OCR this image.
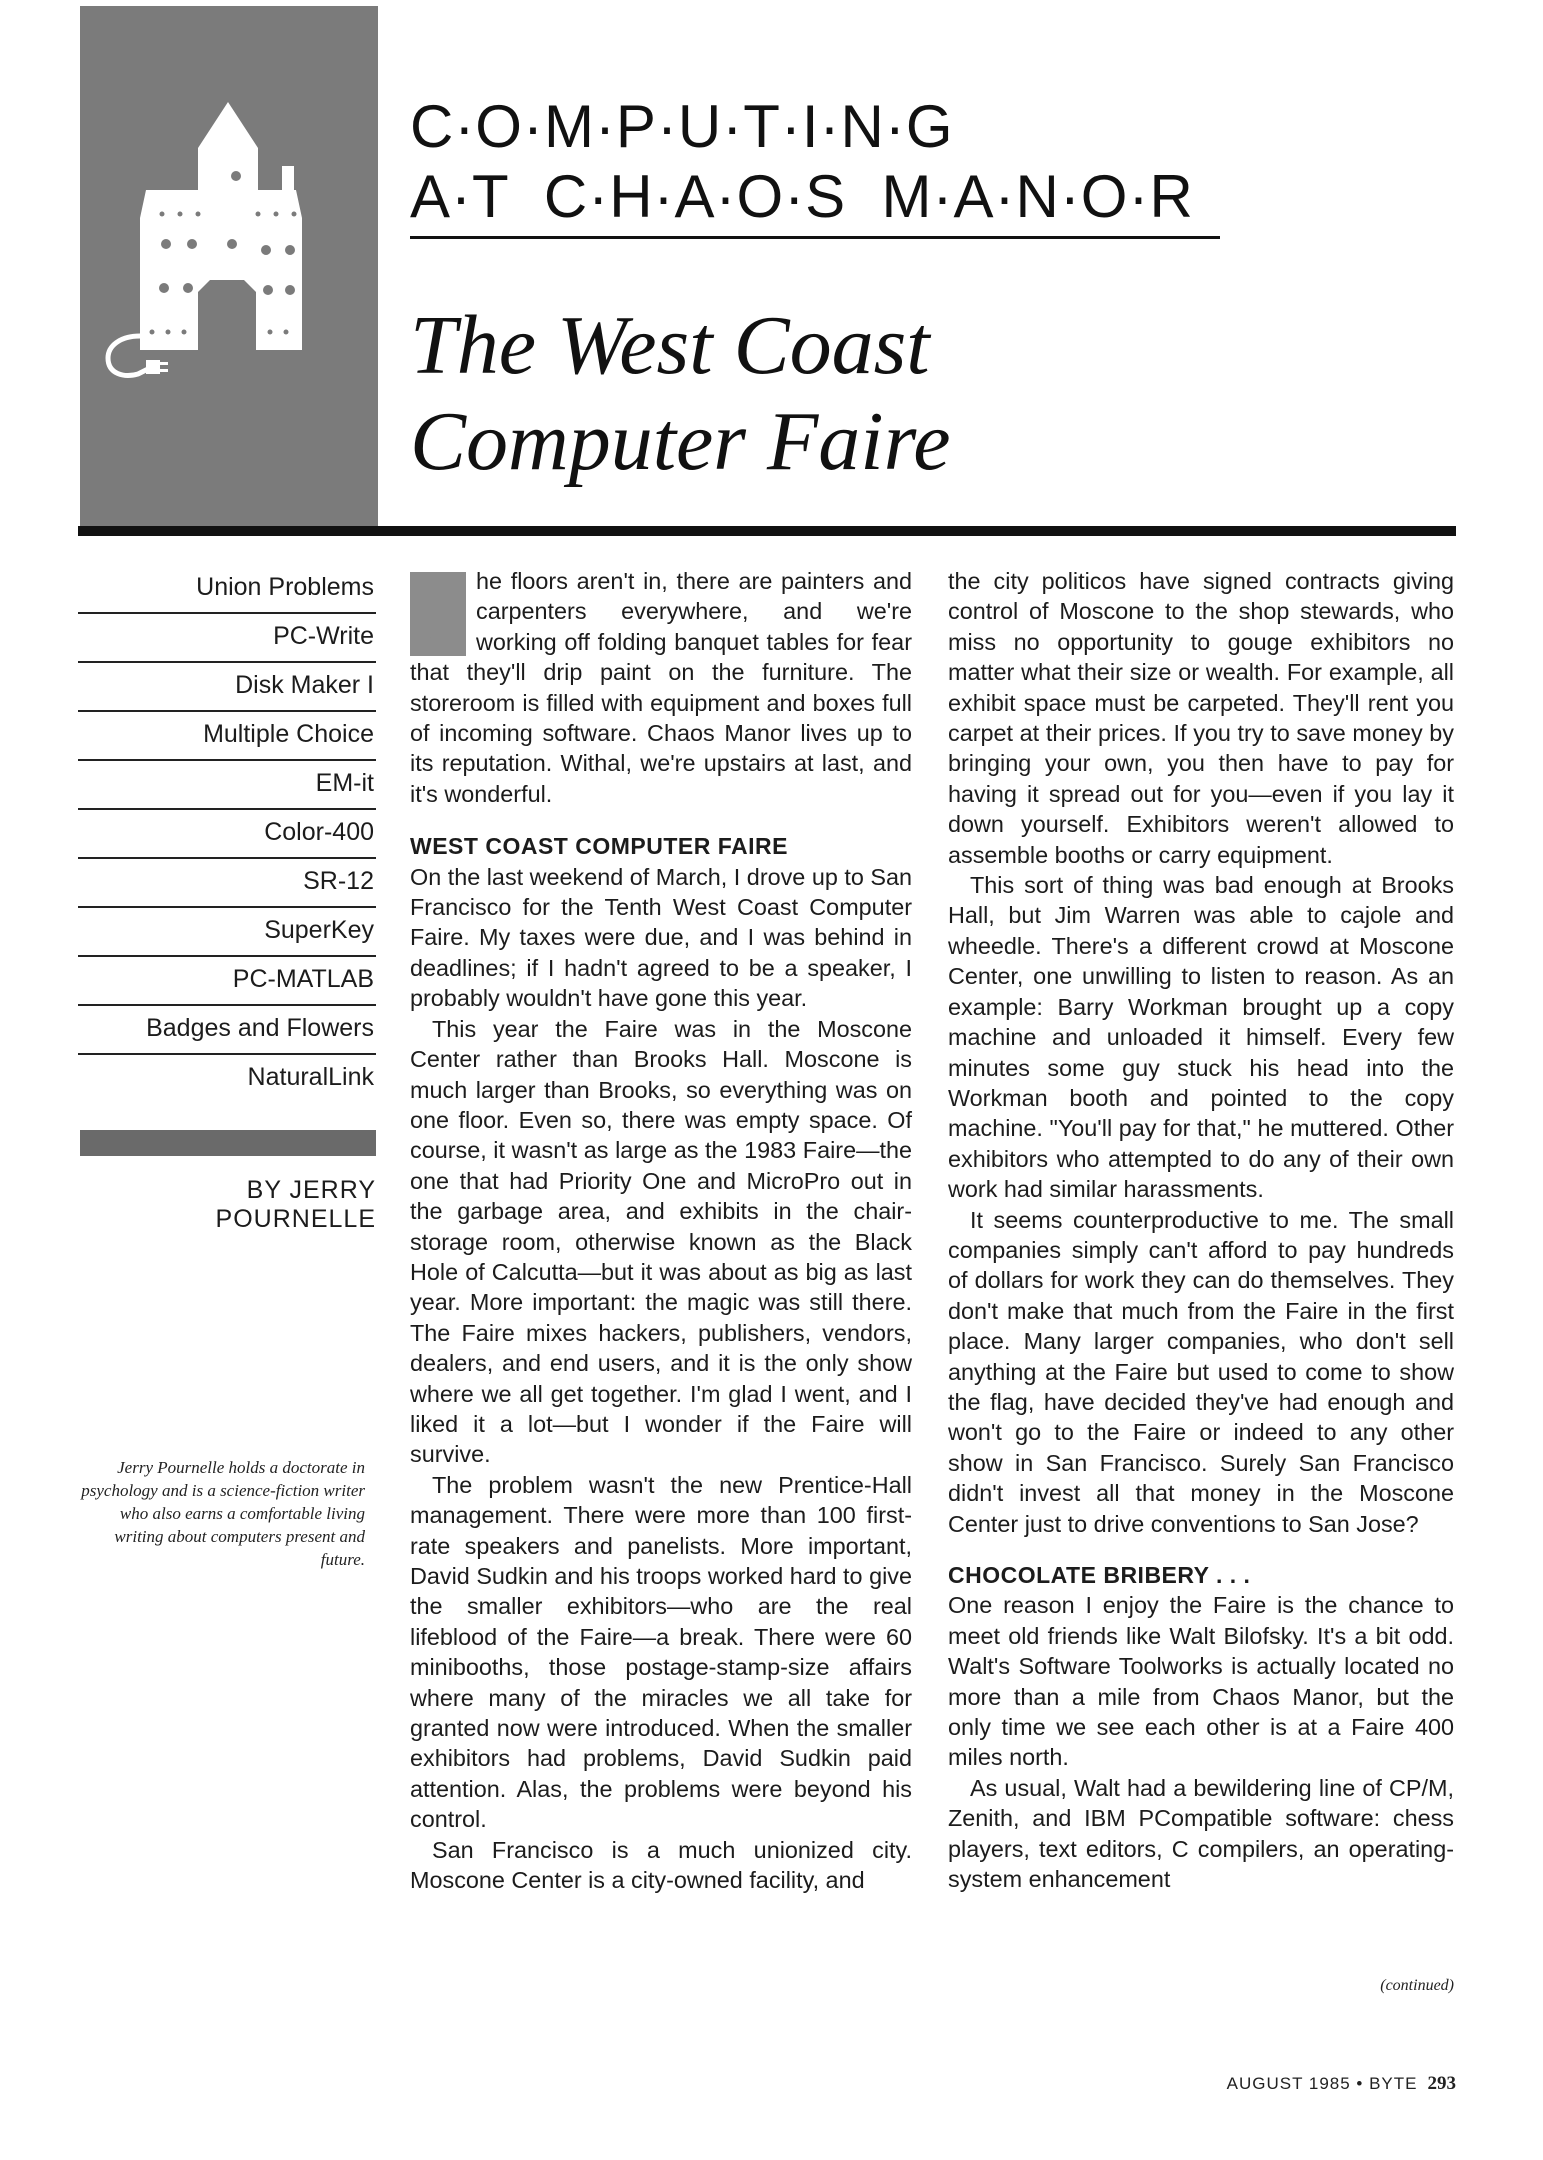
C·O·M·P·U·T·I·N·G
A·T  C·H·A·O·S  M·A·N·O·R
The West Coast
Computer Faire
Union Problems
PC-Write
Disk Maker I
Multiple Choice
EM-it
Color-400
SR-12
SuperKey
PC-MATLAB
Badges and Flowers
NaturalLink
BY JERRY POURNELLE
Jerry Pournelle holds a doctorate in psychology and is a science-fiction writer who also earns a comfortable living writing about computers present and future.

T he floors aren't in, there are painters and carpenters everywhere, and we're working off folding banquet tables for fear that they'll drip paint on the furniture. The storeroom is filled with equipment and boxes full of incoming software. Chaos Manor lives up to its reputation. Withal, we're upstairs at last, and it's wonderful.

WEST COAST COMPUTER FAIRE

On the last weekend of March, I drove up to San Francisco for the Tenth West Coast Computer Faire. My taxes were due, and I was behind in deadlines; if I hadn't agreed to be a speaker, I probably wouldn't have gone this year.

This year the Faire was in the Moscone Center rather than Brooks Hall. Moscone is much larger than Brooks, so everything was on one floor. Even so, there was empty space. Of course, it wasn't as large as the 1983 Faire—the one that had Priority One and MicroPro out in the garbage area, and exhibits in the chair-storage room, otherwise known as the Black Hole of Calcutta—but it was about as big as last year. More important: the magic was still there. The Faire mixes hackers, publishers, vendors, dealers, and end users, and it is the only show where we all get together. I'm glad I went, and I liked it a lot—but I wonder if the Faire will survive.

The problem wasn't the new Prentice-Hall management. There were more than 100 first-rate speakers and panelists. More important, David Sudkin and his troops worked hard to give the smaller exhibitors—who are the real lifeblood of the Faire—a break. There were 60 minibooths, those postage-stamp-size affairs where many of the miracles we all take for granted now were introduced. When the smaller exhibitors had problems, David Sudkin paid attention. Alas, the problems were beyond his control.

San Francisco is a much unionized city. Moscone Center is a city-owned facility, and

the city politicos have signed contracts giving control of Moscone to the shop stewards, who miss no opportunity to gouge exhibitors no matter what their size or wealth. For example, all exhibit space must be carpeted. They'll rent you carpet at their prices. If you try to save money by bringing your own, you then have to pay for having it spread out for you—even if you lay it down yourself. Exhibitors weren't allowed to assemble booths or carry equipment.

This sort of thing was bad enough at Brooks Hall, but Jim Warren was able to cajole and wheedle. There's a different crowd at Moscone Center, one unwilling to listen to reason. As an example: Barry Workman brought up a copy machine and unloaded it himself. Every few minutes some guy stuck his head into the Workman booth and pointed to the copy machine. "You'll pay for that," he muttered. Other exhibitors who attempted to do any of their own work had similar harassments.

It seems counterproductive to me. The small companies simply can't afford to pay hundreds of dollars for work they can do themselves. They don't make that much from the Faire in the first place. Many larger companies, who don't sell anything at the Faire but used to come to show the flag, have decided they've had enough and won't go to the Faire or indeed to any other show in San Francisco. Surely San Francisco didn't invest all that money in the Moscone Center just to drive conventions to San Jose?

CHOCOLATE BRIBERY . . .

One reason I enjoy the Faire is the chance to meet old friends like Walt Bilofsky. It's a bit odd. Walt's Software Toolworks is actually located no more than a mile from Chaos Manor, but the only time we see each other is at a Faire 400 miles north.

As usual, Walt had a bewildering line of CP/M, Zenith, and IBM PCompatible software: chess players, text editors, C compilers, an operating-system enhancement

(continued)
AUGUST 1985 • BYTE 293
